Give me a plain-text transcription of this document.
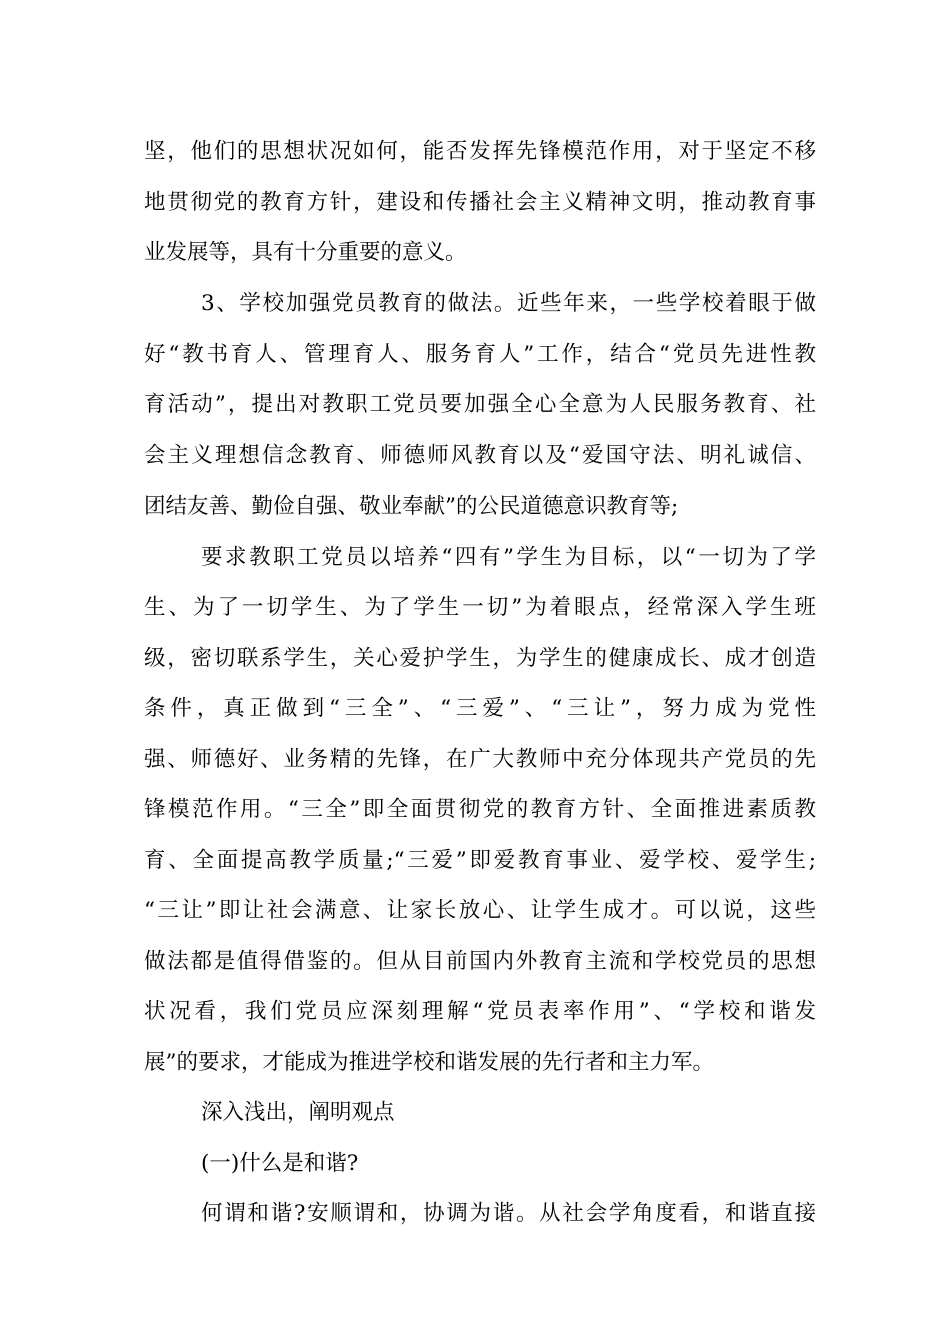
坚，他们的思想状况如何，能否发挥先锋模范作用，对于坚定不移
地贯彻党的教育方针，建设和传播社会主义精神文明，推动教育事
业发展等，具有十分重要的意义。
3、学校加强党员教育的做法。近些年来，一些学校着眼于做
好“教书育人、管理育人、服务育人”工作，结合“党员先进性教
育活动”，提出对教职工党员要加强全心全意为人民服务教育、社
会主义理想信念教育、师德师风教育以及“爱国守法、明礼诚信、
团结友善、勤俭自强、敬业奉献”的公民道德意识教育等;
要求教职工党员以培养“四有”学生为目标，以“一切为了学
生、为了一切学生、为了学生一切”为着眼点，经常深入学生班
级，密切联系学生，关心爱护学生，为学生的健康成长、成才创造
条件，真正做到“三全”、“三爱”、“三让”，努力成为党性
强、师德好、业务精的先锋，在广大教师中充分体现共产党员的先
锋模范作用。“三全”即全面贯彻党的教育方针、全面推进素质教
育、全面提高教学质量;“三爱”即爱教育事业、爱学校、爱学生;
“三让”即让社会满意、让家长放心、让学生成才。可以说，这些
做法都是值得借鉴的。但从目前国内外教育主流和学校党员的思想
状况看，我们党员应深刻理解“党员表率作用”、“学校和谐发
展”的要求，才能成为推进学校和谐发展的先行者和主力军。
深入浅出，阐明观点
(一)什么是和谐?
何谓和谐?安顺谓和，协调为谐。从社会学角度看，和谐直接
